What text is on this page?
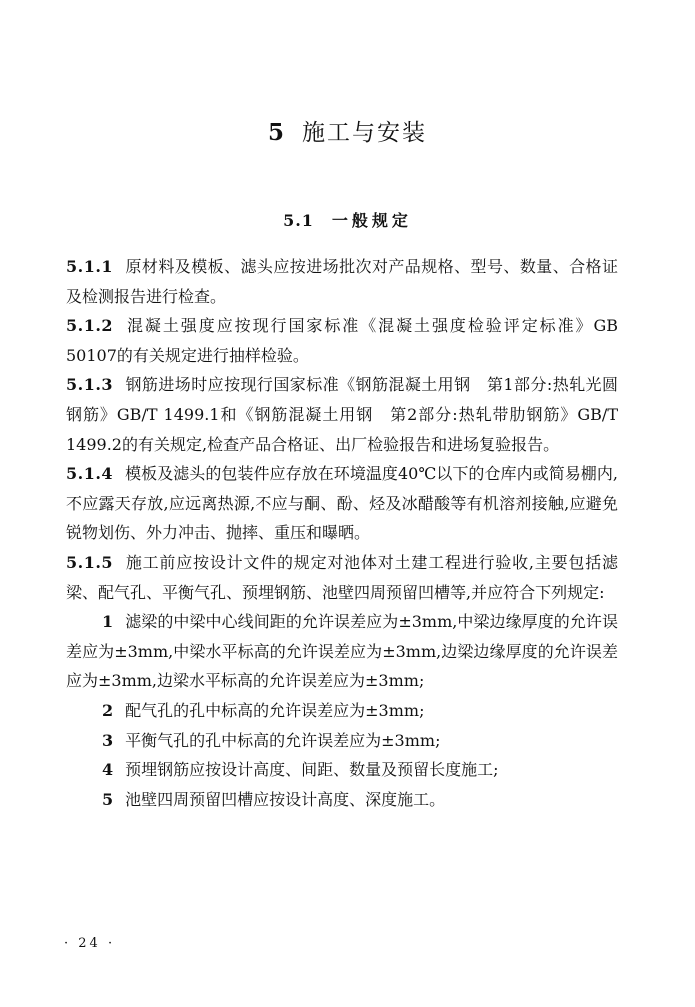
5 施工与安装
5.1 一般规定

5.1.1 原材料及模板、滤头应按进场批次对产品规格、型号、数量、合格证及检测报告进行检查。

5.1.2 混凝土强度应按现行国家标准《混凝土强度检验评定标准》GB 50107的有关规定进行抽样检验。

5.1.3 钢筋进场时应按现行国家标准《钢筋混凝土用钢　第1部分:热轧光圆钢筋》GB/T 1499.1和《钢筋混凝土用钢　第2部分:热轧带肋钢筋》GB/T 1499.2的有关规定,检查产品合格证、出厂检验报告和进场复验报告。

5.1.4 模板及滤头的包装件应存放在环境温度40℃以下的仓库内或简易棚内,不应露天存放,应远离热源,不应与酮、酚、烃及冰醋酸等有机溶剂接触,应避免锐物划伤、外力冲击、抛摔、重压和曝晒。

5.1.5 施工前应按设计文件的规定对池体对土建工程进行验收,主要包括滤梁、配气孔、平衡气孔、预埋钢筋、池壁四周预留凹槽等,并应符合下列规定:

1 滤梁的中梁中心线间距的允许误差应为±3mm,中梁边缘厚度的允许误差应为±3mm,中梁水平标高的允许误差应为±3mm,边梁边缘厚度的允许误差应为±3mm,边梁水平标高的允许误差应为±3mm;

2 配气孔的孔中标高的允许误差应为±3mm;

3 平衡气孔的孔中标高的允许误差应为±3mm;

4 预埋钢筋应按设计高度、间距、数量及预留长度施工;

5 池壁四周预留凹槽应按设计高度、深度施工。

· 24 ·
